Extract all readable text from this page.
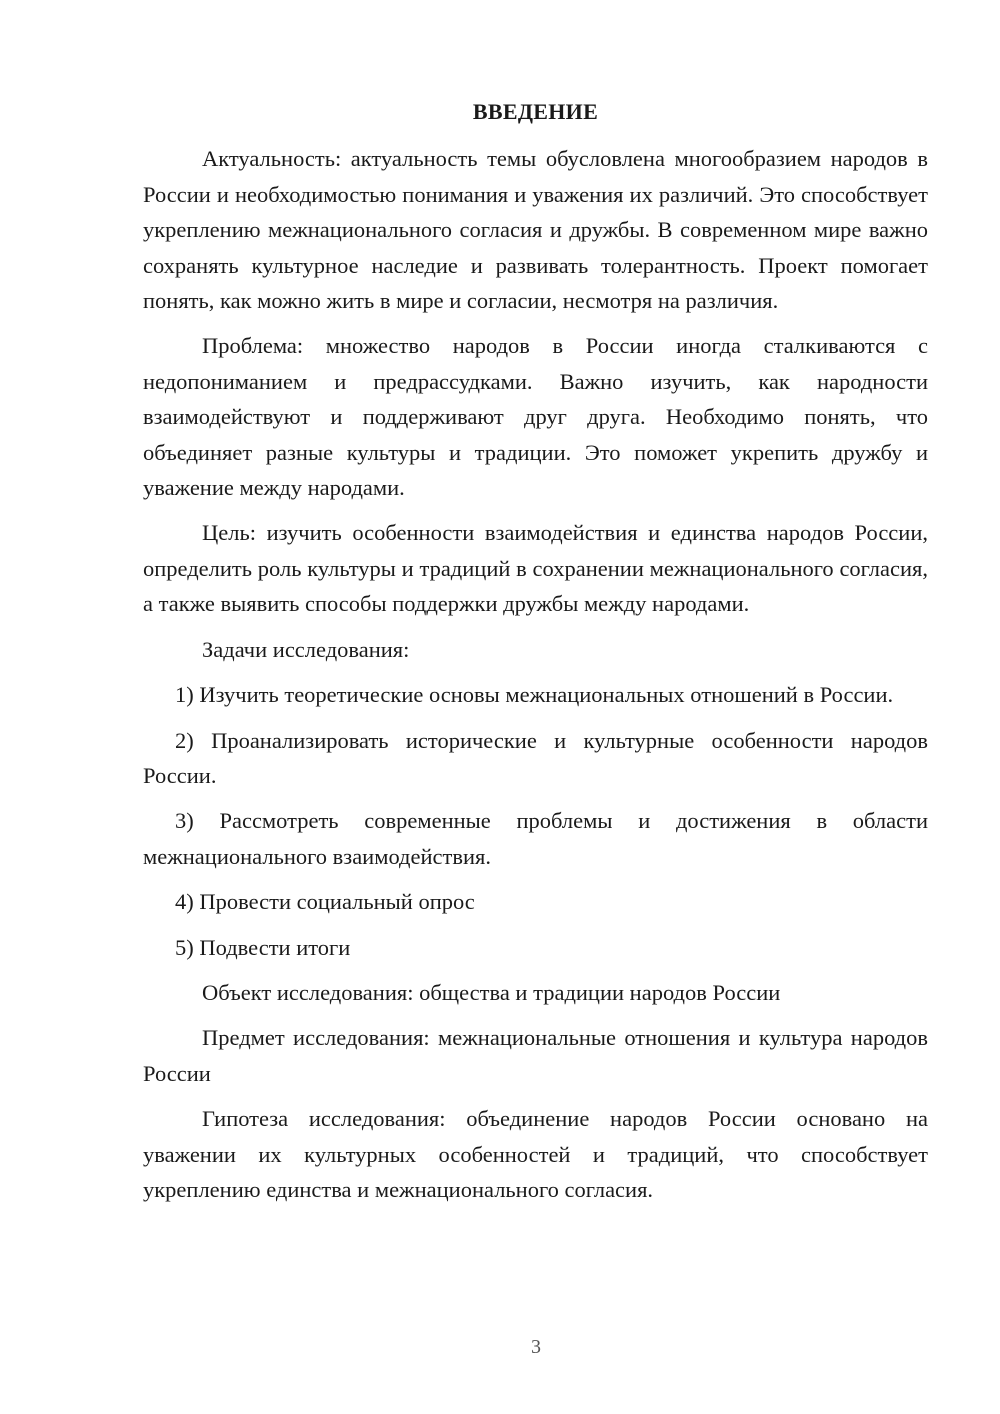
ВВЕДЕНИЕ

Актуальность: актуальность темы обусловлена многообразием народов в России и необходимостью понимания и уважения их различий. Это способствует укреплению межнационального согласия и дружбы. В современном мире важно сохранять культурное наследие и развивать толерантность. Проект помогает понять, как можно жить в мире и согласии, несмотря на различия.

Проблема: множество народов в России иногда сталкиваются с недопониманием и предрассудками. Важно изучить, как народности взаимодействуют и поддерживают друг друга. Необходимо понять, что объединяет разные культуры и традиции. Это поможет укрепить дружбу и уважение между народами.

Цель: изучить особенности взаимодействия и единства народов России, определить роль культуры и традиций в сохранении межнационального согласия, а также выявить способы поддержки дружбы между народами.

Задачи исследования:

1) Изучить теоретические основы межнациональных отношений в России.

2) Проанализировать исторические и культурные особенности народов России.

3) Рассмотреть современные проблемы и достижения в области межнационального взаимодействия.

4) Провести социальный опрос

5) Подвести итоги

Объект исследования: общества и традиции народов России

Предмет исследования: межнациональные отношения и культура народов России

Гипотеза исследования: объединение народов России основано на уважении их культурных особенностей и традиций, что способствует укреплению единства и межнационального согласия.

3
